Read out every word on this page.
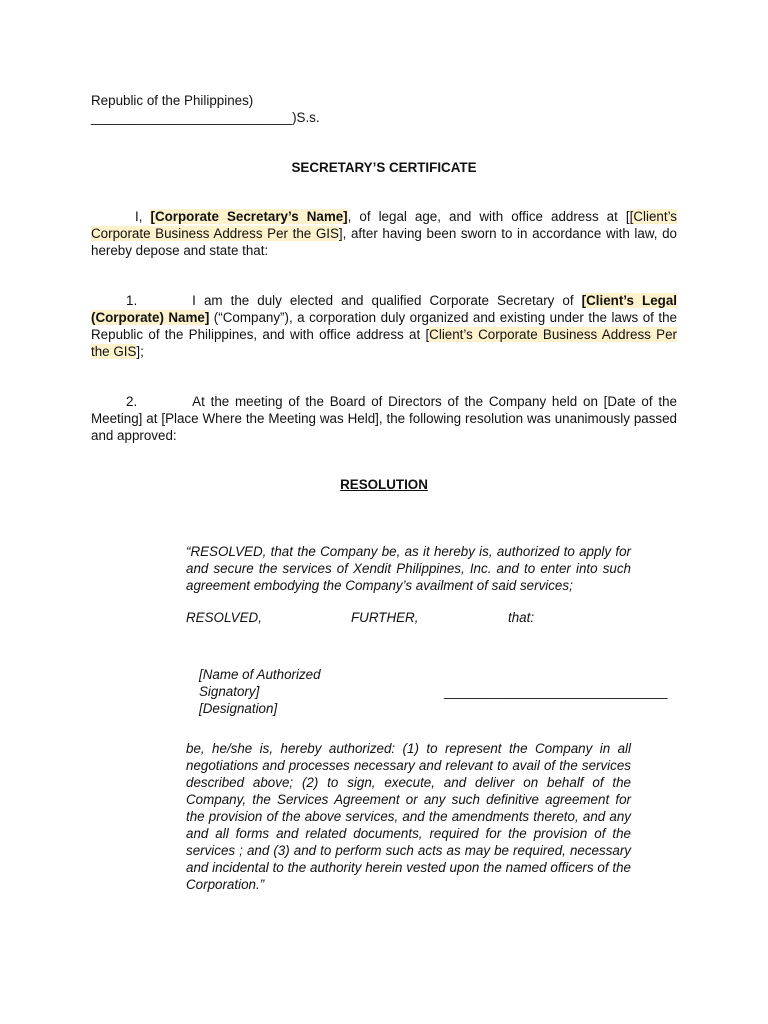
Republic of the Philippines)
___________________________)S.s.
SECRETARY’S CERTIFICATE
I, [Corporate Secretary’s Name], of legal age, and with office address at [[Client’s Corporate Business Address Per the GIS], after having been sworn to in accordance with law, do hereby depose and state that:
1.	I am the duly elected and qualified Corporate Secretary of [Client’s Legal (Corporate) Name] (“Company”), a corporation duly organized and existing under the laws of the Republic of the Philippines, and with office address at [Client’s Corporate Business Address Per the GIS];
2.	At the meeting of the Board of Directors of the Company held on [Date of the Meeting] at [Place Where the Meeting was Held], the following resolution was unanimously passed and approved:
RESOLUTION
“RESOLVED, that the Company be, as it hereby is, authorized to apply for and secure the services of Xendit Philippines, Inc. and to enter into such agreement embodying the Company’s availment of said services;
RESOLVED,	FURTHER,	that:
[Name of Authorized
Signatory]
[Designation]
______________________________
be, he/she is, hereby authorized: (1) to represent the Company in all negotiations and processes necessary and relevant to avail of the services described above; (2) to sign, execute, and deliver on behalf of the Company, the Services Agreement or any such definitive agreement for the provision of the above services, and the amendments thereto, and any and all forms and related documents, required for the provision of the services ; and (3) and to perform such acts as may be required, necessary and incidental to the authority herein vested upon the named officers of the Corporation.”
